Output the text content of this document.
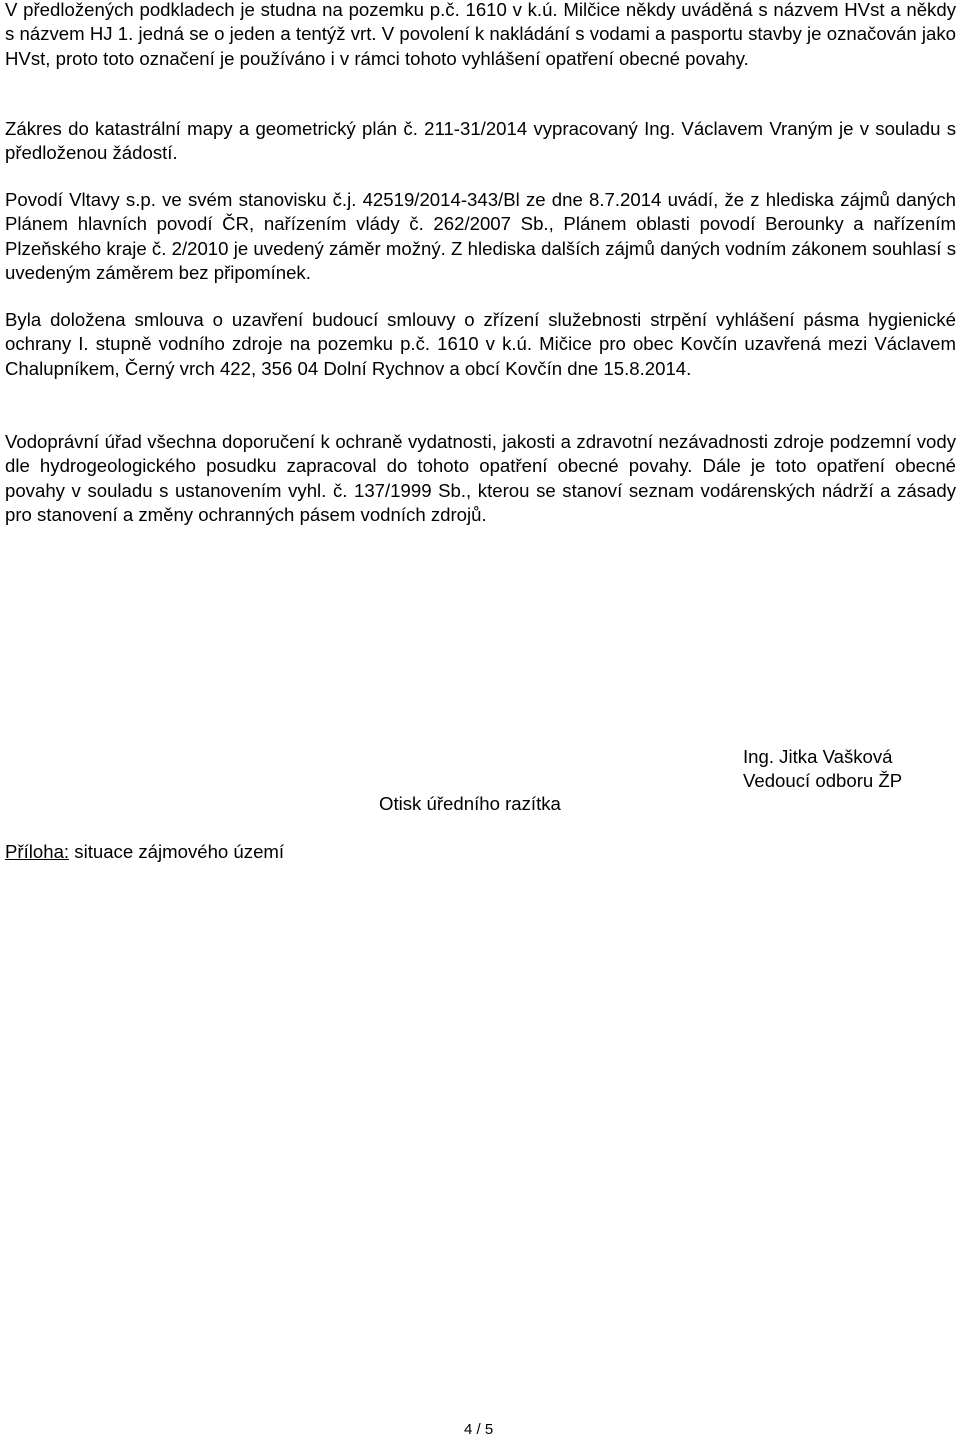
V předložených podkladech je studna na pozemku p.č. 1610 v k.ú. Milčice někdy uváděná s názvem HVst a někdy s názvem HJ 1. jedná se o jeden a tentýž vrt. V povolení k nakládání s vodami a pasportu stavby je označován jako HVst, proto toto označení je používáno i v rámci tohoto vyhlášení opatření obecné povahy.

Zákres do katastrální mapy a geometrický plán č. 211-31/2014 vypracovaný Ing. Václavem Vraným je v souladu s předloženou žádostí.

Povodí Vltavy s.p. ve svém stanovisku č.j. 42519/2014-343/Bl ze dne 8.7.2014 uvádí, že z hlediska zájmů daných Plánem hlavních povodí ČR, nařízením vlády č. 262/2007 Sb., Plánem oblasti povodí Berounky a nařízením Plzeňského kraje č. 2/2010 je uvedený záměr možný. Z hlediska dalších zájmů daných vodním zákonem souhlasí s uvedeným záměrem bez připomínek.

Byla doložena smlouva o uzavření budoucí smlouvy o zřízení služebnosti strpění vyhlášení pásma hygienické ochrany I. stupně vodního zdroje na pozemku p.č. 1610 v k.ú. Mičice pro obec Kovčín uzavřená mezi Václavem Chalupníkem, Černý vrch 422, 356 04 Dolní Rychnov a obcí Kovčín dne 15.8.2014.

Vodoprávní úřad všechna doporučení k ochraně vydatnosti, jakosti a zdravotní nezávadnosti zdroje podzemní vody dle hydrogeologického posudku zapracoval do tohoto opatření obecné povahy. Dále je toto opatření obecné povahy v souladu s ustanovením vyhl. č. 137/1999 Sb., kterou se stanoví seznam vodárenských nádrží a zásady pro stanovení a změny ochranných pásem vodních zdrojů.

Ing. Jitka Vašková
Vedoucí odboru ŽP
Otisk úředního razítka
Příloha: situace zájmového území
4 / 5
